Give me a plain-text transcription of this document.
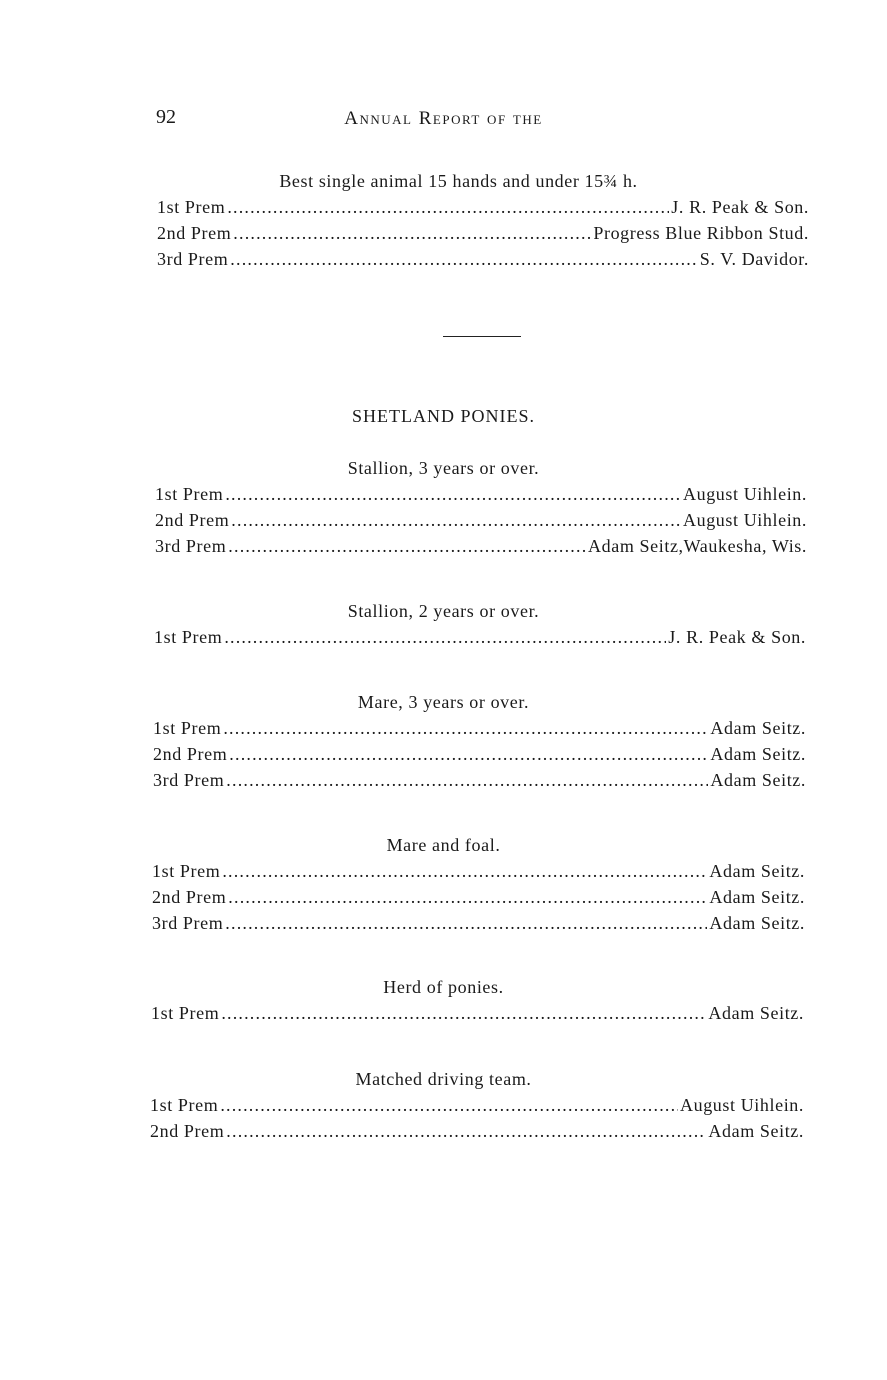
92	Annual Report of the
Best single animal 15 hands and under 15¾ h.
1st Prem .....	J. R. Peak & Son.
2nd Prem .....	Progress Blue Ribbon Stud.
3rd Prem .....	S. V. Davidor.
SHETLAND PONIES.
Stallion, 3 years or over.
1st Prem .....	August Uihlein.
2nd Prem .....	August Uihlein.
3rd Prem .....	Adam Seitz,Waukesha, Wis.
Stallion, 2 years or over.
1st Prem .....	J. R. Peak & Son.
Mare, 3 years or over.
1st Prem .....	Adam Seitz.
2nd Prem .....	Adam Seitz.
3rd Prem .....	Adam Seitz.
Mare and foal.
1st Prem .....	Adam Seitz.
2nd Prem .....	Adam Seitz.
3rd Prem .....	Adam Seitz.
Herd of ponies.
1st Prem .....	Adam Seitz.
Matched driving team.
1st Prem .....	August Uihlein.
2nd Prem .....	Adam Seitz.
